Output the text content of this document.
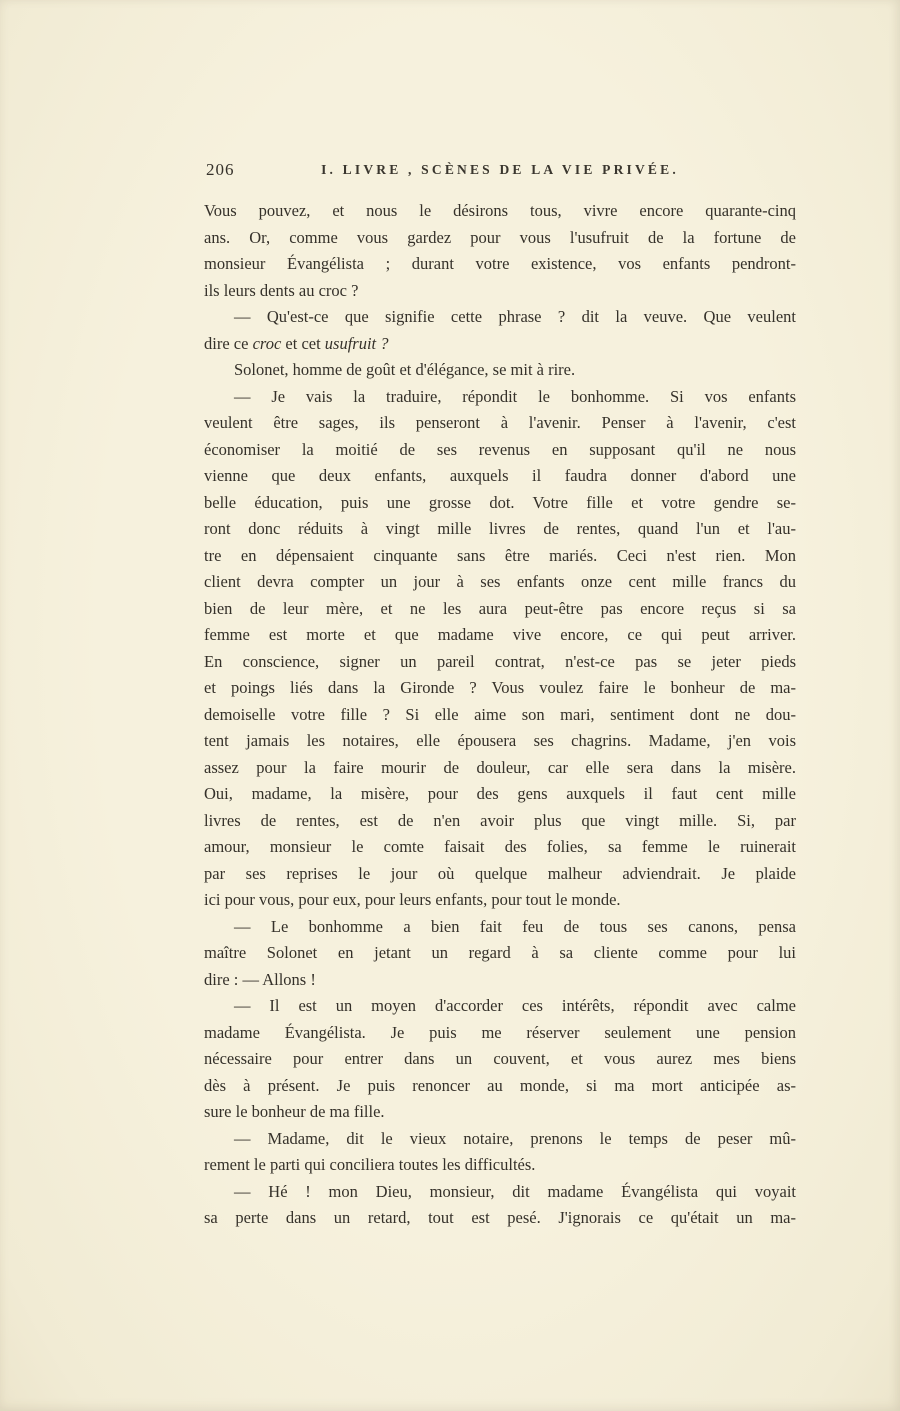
206	I. LIVRE , SCÈNES DE LA VIE PRIVÉE.
Vous pouvez, et nous le désirons tous, vivre encore quarante-cinq
ans. Or, comme vous gardez pour vous l'usufruit de la fortune de
monsieur Évangélista ; durant votre existence, vos enfants pendront-
ils leurs dents au croc ?
— Qu'est-ce que signifie cette phrase ? dit la veuve. Que veulent
dire ce croc et cet usufruit ?
Solonet, homme de goût et d'élégance, se mit à rire.
— Je vais la traduire, répondit le bonhomme. Si vos enfants
veulent être sages, ils penseront à l'avenir. Penser à l'avenir, c'est
économiser la moitié de ses revenus en supposant qu'il ne nous
vienne que deux enfants, auxquels il faudra donner d'abord une
belle éducation, puis une grosse dot. Votre fille et votre gendre se-
ront donc réduits à vingt mille livres de rentes, quand l'un et l'au-
tre en dépensaient cinquante sans être mariés. Ceci n'est rien. Mon
client devra compter un jour à ses enfants onze cent mille francs du
bien de leur mère, et ne les aura peut-être pas encore reçus si sa
femme est morte et que madame vive encore, ce qui peut arriver.
En conscience, signer un pareil contrat, n'est-ce pas se jeter pieds
et poings liés dans la Gironde ? Vous voulez faire le bonheur de ma-
demoiselle votre fille ? Si elle aime son mari, sentiment dont ne dou-
tent jamais les notaires, elle épousera ses chagrins. Madame, j'en vois
assez pour la faire mourir de douleur, car elle sera dans la misère.
Oui, madame, la misère, pour des gens auxquels il faut cent mille
livres de rentes, est de n'en avoir plus que vingt mille. Si, par
amour, monsieur le comte faisait des folies, sa femme le ruinerait
par ses reprises le jour où quelque malheur adviendrait. Je plaide
ici pour vous, pour eux, pour leurs enfants, pour tout le monde.
— Le bonhomme a bien fait feu de tous ses canons, pensa
maître Solonet en jetant un regard à sa cliente comme pour lui
dire : — Allons !
— Il est un moyen d'accorder ces intérêts, répondit avec calme
madame Évangélista. Je puis me réserver seulement une pension
nécessaire pour entrer dans un couvent, et vous aurez mes biens
dès à présent. Je puis renoncer au monde, si ma mort anticipée as-
sure le bonheur de ma fille.
— Madame, dit le vieux notaire, prenons le temps de peser mû-
rement le parti qui conciliera toutes les difficultés.
— Hé ! mon Dieu, monsieur, dit madame Évangélista qui voyait
sa perte dans un retard, tout est pesé. J'ignorais ce qu'était un ma-
